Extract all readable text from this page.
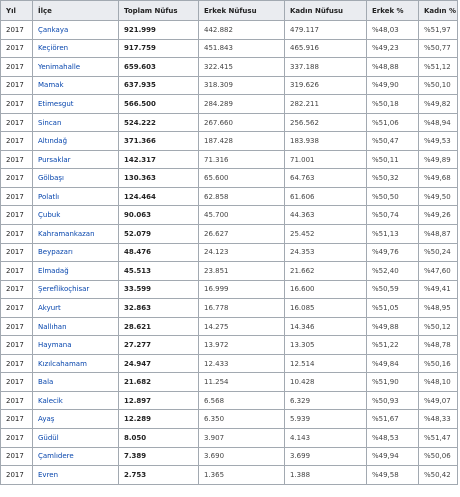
Yıl	İlçe	Toplam Nüfus	Erkek Nüfusu	Kadın Nüfusu	Erkek %	Kadın %
2017	Çankaya	921.999	442.882	479.117	%48,03	%51,97
2017	Keçiören	917.759	451.843	465.916	%49,23	%50,77
2017	Yenimahalle	659.603	322.415	337.188	%48,88	%51,12
2017	Mamak	637.935	318.309	319.626	%49,90	%50,10
2017	Etimesgut	566.500	284.289	282.211	%50,18	%49,82
2017	Sincan	524.222	267.660	256.562	%51,06	%48,94
2017	Altındağ	371.366	187.428	183.938	%50,47	%49,53
2017	Pursaklar	142.317	71.316	71.001	%50,11	%49,89
2017	Gölbaşı	130.363	65.600	64.763	%50,32	%49,68
2017	Polatlı	124.464	62.858	61.606	%50,50	%49,50
2017	Çubuk	90.063	45.700	44.363	%50,74	%49,26
2017	Kahramankazan	52.079	26.627	25.452	%51,13	%48,87
2017	Beypazarı	48.476	24.123	24.353	%49,76	%50,24
2017	Elmadağ	45.513	23.851	21.662	%52,40	%47,60
2017	Şereflikoçhisar	33.599	16.999	16.600	%50,59	%49,41
2017	Akyurt	32.863	16.778	16.085	%51,05	%48,95
2017	Nallıhan	28.621	14.275	14.346	%49,88	%50,12
2017	Haymana	27.277	13.972	13.305	%51,22	%48,78
2017	Kızılcahamam	24.947	12.433	12.514	%49,84	%50,16
2017	Bala	21.682	11.254	10.428	%51,90	%48,10
2017	Kalecik	12.897	6.568	6.329	%50,93	%49,07
2017	Ayaş	12.289	6.350	5.939	%51,67	%48,33
2017	Güdül	8.050	3.907	4.143	%48,53	%51,47
2017	Çamlıdere	7.389	3.690	3.699	%49,94	%50,06
2017	Evren	2.753	1.365	1.388	%49,58	%50,42
